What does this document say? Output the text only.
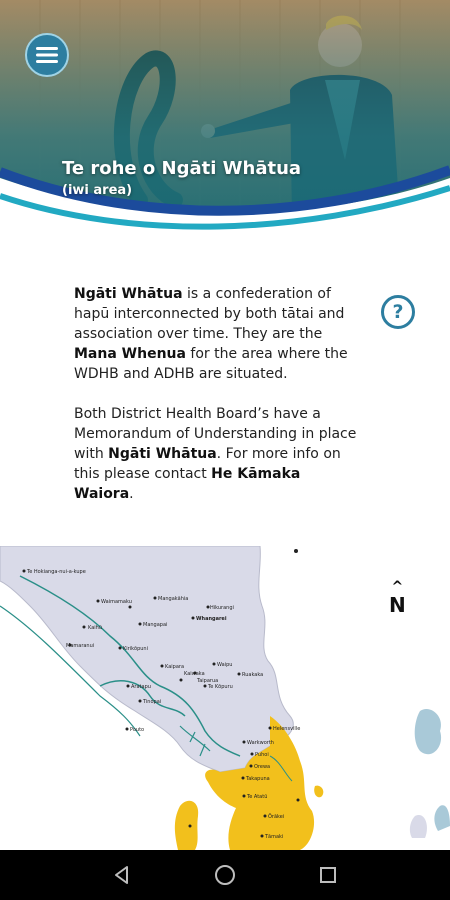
Te rohe o Ngāti Whātua
(iwi area)

Ngāti Whātua is a confederation of hapū interconnected by both tātai and association over time. They are the Mana Whenua for the area where the WDHB and ADHB are situated.

Both District Health Board’s have a Memorandum of Understanding in place with Ngāti Whātua. For more info on this please contact He Kāmaka Waiora.

?
Te Hokianga-nui-a-kupe
Mangakāhia
Waimamaku
Kaihū
Hikurangi
Whangarei
Mangapai
Mamaranui	Kirikōpuni
Waipu
Ruakaka
Aratapu
Tinopai
Te Kōpuru
Pouto
Kaipara
Helensville
Warkworth
Puhoi
Orewa
Takapuna
Te Atatū
Ōrākei
Tāmaki
Kaiwaka
Taiparua
^
N
